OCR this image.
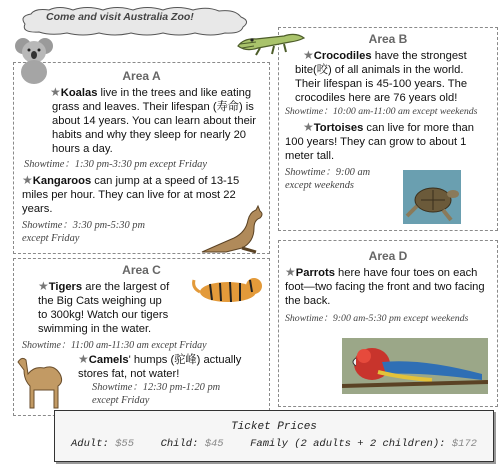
Come and visit Australia Zoo!
Area A
★Koalas live in the trees and like eating grass and leaves. Their lifespan (寿命) is about 14 years. You can learn about their habits and why they sleep for nearly 20 hours a day.
Showtime：1:30 pm-3:30 pm except Friday
★Kangaroos can jump at a speed of 13-15 miles per hour. They can live for at most 22 years.
Showtime：3:30 pm-5:30 pm
except Friday
Area B
★Crocodiles have the strongest bite(咬) of all animals in the world. Their lifespan is 45-100 years. The crocodiles here are 76 years old!
Showtime：10:00 am-11:00 am except weekends
★Tortoises can live for more than 100 years! They can grow to about 1 meter tall.
Showtime：9:00 am
except weekends
Area C
★Tigers are the largest of the Big Cats weighing up to 300kg! Watch our tigers swimming in the water.
Showtime：11:00 am-11:30 am except Friday
★Camels' humps (驼峰) actually stores fat, not water!
Showtime：12:30 pm-1:20 pm
except Friday
Area D
★Parrots here have four toes on each foot—two facing the front and two facing the back.
Showtime：9:00 am-5:30 pm except weekends
Ticket Prices
Adult: $55	Child: $45	Family (2 adults + 2 children): $172
